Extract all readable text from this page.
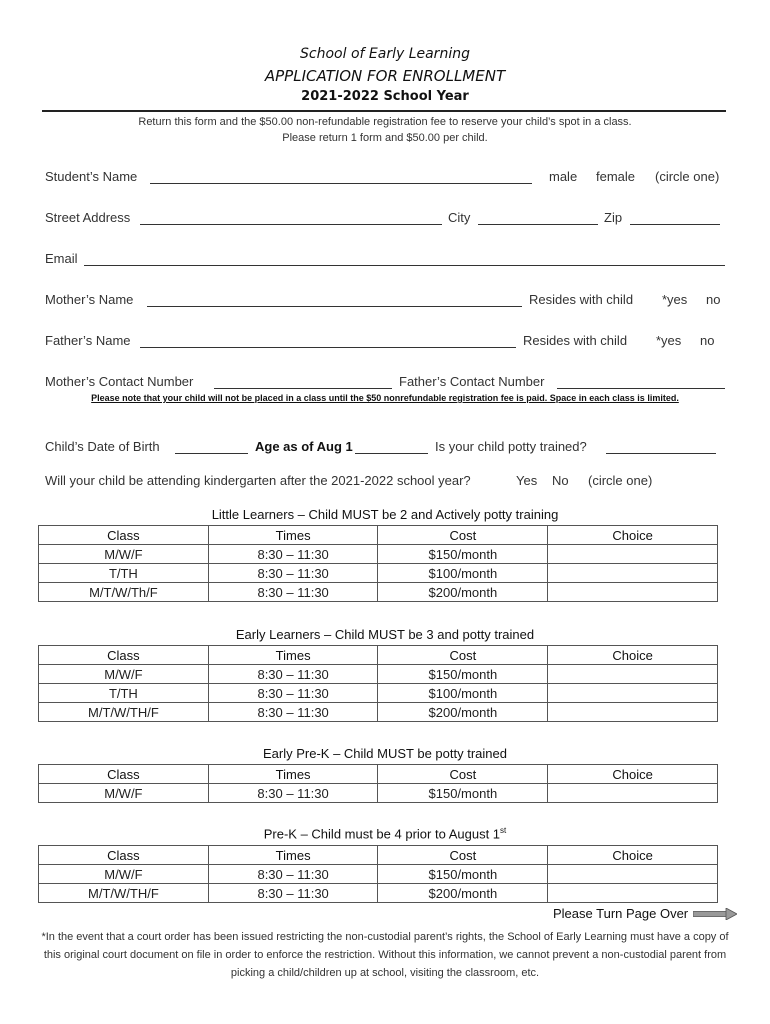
School of Early Learning
APPLICATION FOR ENROLLMENT
2021-2022 School Year
Return this form and the $50.00 non-refundable registration fee to reserve your child’s spot in a class.
Please return 1 form and $50.00 per child.
Student’s Name	male female (circle one)
Street Address	City	Zip
Email
Mother’s Name	Resides with child *yes no
Father’s Name	Resides with child *yes no
Mother’s Contact Number	Father’s Contact Number
Please note that your child will not be placed in a class until the $50 nonrefundable registration fee is paid. Space in each class is limited.
Child’s Date of Birth	Age as of Aug 1	Is your child potty trained?
Will your child be attending kindergarten after the 2021-2022 school year?	Yes No (circle one)
Little Learners – Child MUST be 2 and Actively potty training
Class	Times	Cost	Choice
M/W/F	8:30 – 11:30	$150/month	
T/TH	8:30 – 11:30	$100/month	
M/T/W/Th/F	8:30 – 11:30	$200/month	
Early Learners – Child MUST be 3 and potty trained
Class	Times	Cost	Choice
M/W/F	8:30 – 11:30	$150/month	
T/TH	8:30 – 11:30	$100/month	
M/T/W/TH/F	8:30 – 11:30	$200/month	
Early Pre-K – Child MUST be potty trained
Class	Times	Cost	Choice
M/W/F	8:30 – 11:30	$150/month	
Pre-K – Child must be 4 prior to August 1st
Class	Times	Cost	Choice
M/W/F	8:30 – 11:30	$150/month	
M/T/W/TH/F	8:30 – 11:30	$200/month	
Please Turn Page Over
*In the event that a court order has been issued restricting the non-custodial parent’s rights, the School of Early Learning must have a copy of this original court document on file in order to enforce the restriction. Without this information, we cannot prevent a non-custodial parent from picking a child/children up at school, visiting the classroom, etc.
